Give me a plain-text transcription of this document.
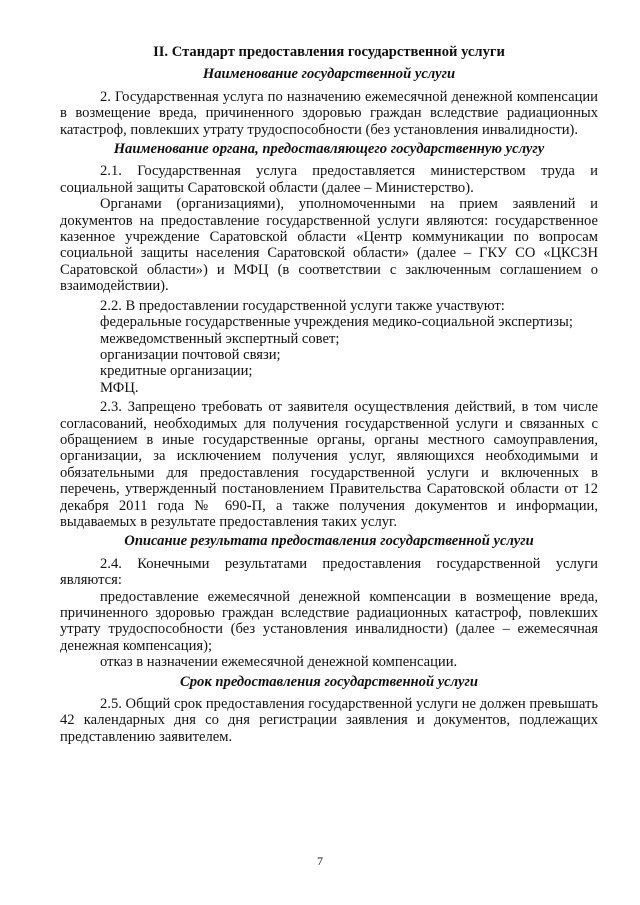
II. Стандарт предоставления государственной услуги
Наименование государственной услуги

2. Государственная услуга по назначению ежемесячной денежной компенсации в возмещение вреда, причиненного здоровью граждан вследствие радиационных катастроф, повлекших утрату трудоспособности (без установления инвалидности).

Наименование органа, предоставляющего государственную услугу

2.1. Государственная услуга предоставляется министерством труда и социальной защиты Саратовской области (далее – Министерство).

Органами (организациями), уполномоченными на прием заявлений и документов на предоставление государственной услуги являются: государственное казенное учреждение Саратовской области «Центр коммуникации по вопросам социальной защиты населения Саратовской области» (далее – ГКУ СО «ЦКСЗН Саратовской области») и МФЦ (в соответствии с заключенным соглашением о взаимодействии).

2.2. В предоставлении государственной услуги также участвуют:

федеральные государственные учреждения медико-социальной экспертизы;

межведомственный экспертный совет;

организации почтовой связи;

кредитные организации;

МФЦ.

2.3. Запрещено требовать от заявителя осуществления действий, в том числе согласований, необходимых для получения государственной услуги и связанных с обращением в иные государственные органы, органы местного самоуправления, организации, за исключением получения услуг, являющихся необходимыми и обязательными для предоставления государственной услуги и включенных в перечень, утвержденный постановлением Правительства Саратовской области от 12 декабря 2011 года № 690-П, а также получения документов и информации, выдаваемых в результате предоставления таких услуг.

Описание результата предоставления государственной услуги

2.4. Конечными результатами предоставления государственной услуги являются:

предоставление ежемесячной денежной компенсации в возмещение вреда, причиненного здоровью граждан вследствие радиационных катастроф, повлекших утрату трудоспособности (без установления инвалидности) (далее – ежемесячная денежная компенсация);

отказ в назначении ежемесячной денежной компенсации.

Срок предоставления государственной услуги

2.5. Общий срок предоставления государственной услуги не должен превышать 42 календарных дня со дня регистрации заявления и документов, подлежащих представлению заявителем.

7
